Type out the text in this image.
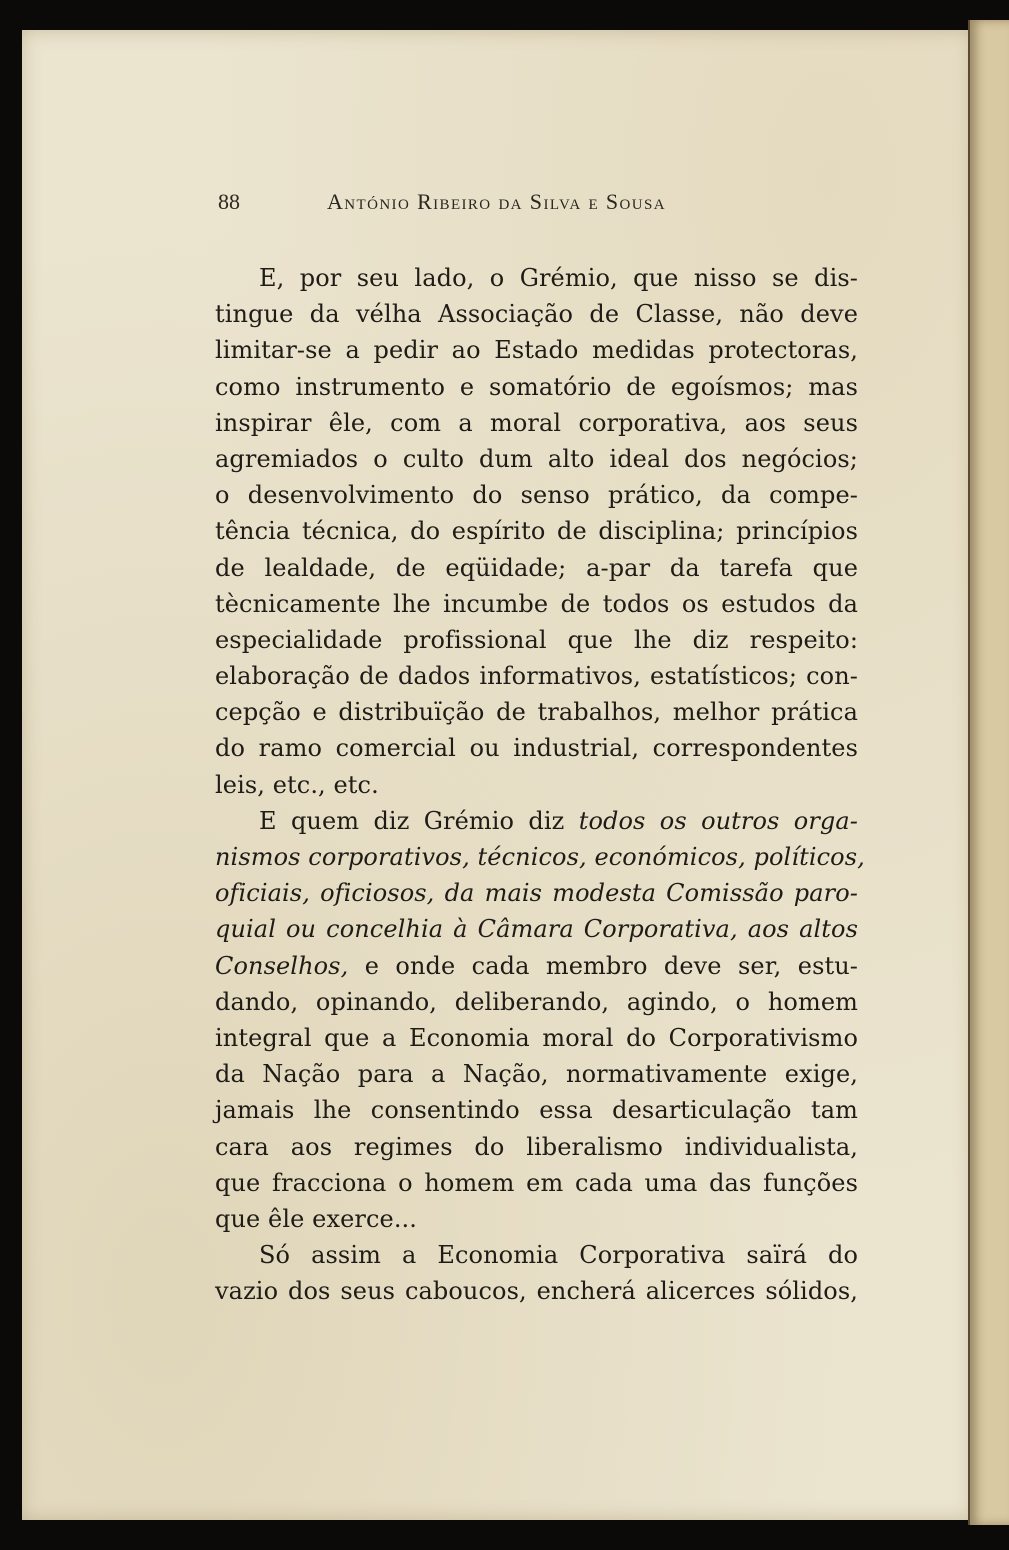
88	António Ribeiro da Silva e Sousa
E, por seu lado, o Grémio, que nisso se dis-
tingue da vélha Associação de Classe, não deve
limitar-se a pedir ao Estado medidas protectoras,
como instrumento e somatório de egoísmos; mas
inspirar êle, com a moral corporativa, aos seus
agremiados o culto dum alto ideal dos negócios;
o desenvolvimento do senso prático, da compe-
tência técnica, do espírito de disciplina; princípios
de lealdade, de eqüidade; a-par da tarefa que
tècnicamente lhe incumbe de todos os estudos da
especialidade profissional que lhe diz respeito:
elaboração de dados informativos, estatísticos; con-
cepção e distribuïção de trabalhos, melhor prática
do ramo comercial ou industrial, correspondentes
leis, etc., etc.
E quem diz Grémio diz todos os outros orga-
nismos corporativos, técnicos, económicos, políticos,
oficiais, oficiosos, da mais modesta Comissão paro-
quial ou concelhia à Câmara Corporativa, aos altos
Conselhos, e onde cada membro deve ser, estu-
dando, opinando, deliberando, agindo, o homem
integral que a Economia moral do Corporativismo
da Nação para a Nação, normativamente exige,
jamais lhe consentindo essa desarticulação tam
cara aos regimes do liberalismo individualista,
que fracciona o homem em cada uma das funções
que êle exerce...
Só assim a Economia Corporativa saïrá do
vazio dos seus caboucos, encherá alicerces sólidos,
